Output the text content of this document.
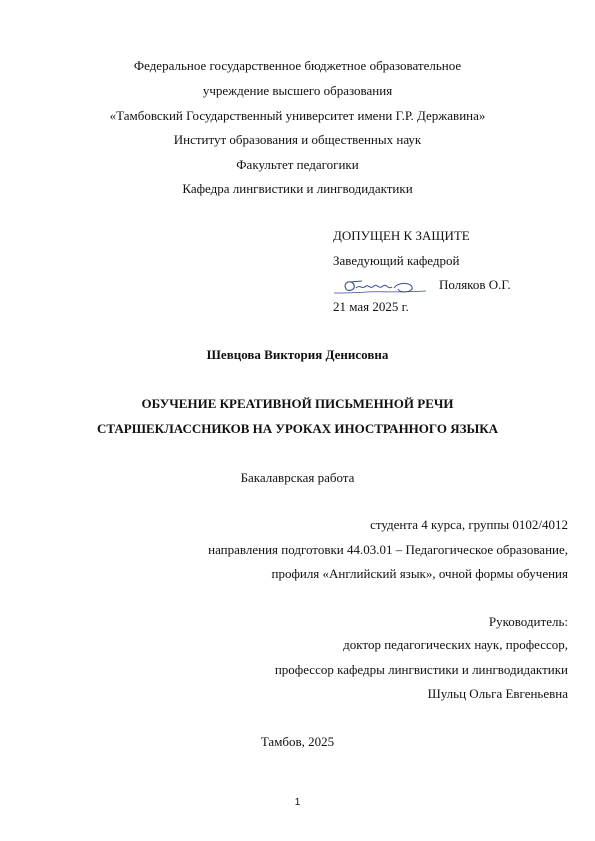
Федеральное государственное бюджетное образовательное
учреждение высшего образования
«Тамбовский Государственный университет имени Г.Р. Державина»
Институт образования и общественных наук
Факультет педагогики
Кафедра лингвистики и лингводидактики
ДОПУЩЕН К ЗАЩИТЕ
Заведующий кафедрой
Поляков О.Г.
21 мая 2025 г.
Шевцова Виктория Денисовна
ОБУЧЕНИЕ КРЕАТИВНОЙ ПИСЬМЕННОЙ РЕЧИ
СТАРШЕКЛАССНИКОВ НА УРОКАХ ИНОСТРАННОГО ЯЗЫКА
Бакалаврская работа
студента 4 курса, группы 0102/4012
направления подготовки 44.03.01 – Педагогическое образование,
профиля «Английский язык», очной формы обучения
Руководитель:
доктор педагогических наук, профессор,
профессор кафедры лингвистики и лингводидактики
Шульц Ольга Евгеньевна
Тамбов, 2025
1
